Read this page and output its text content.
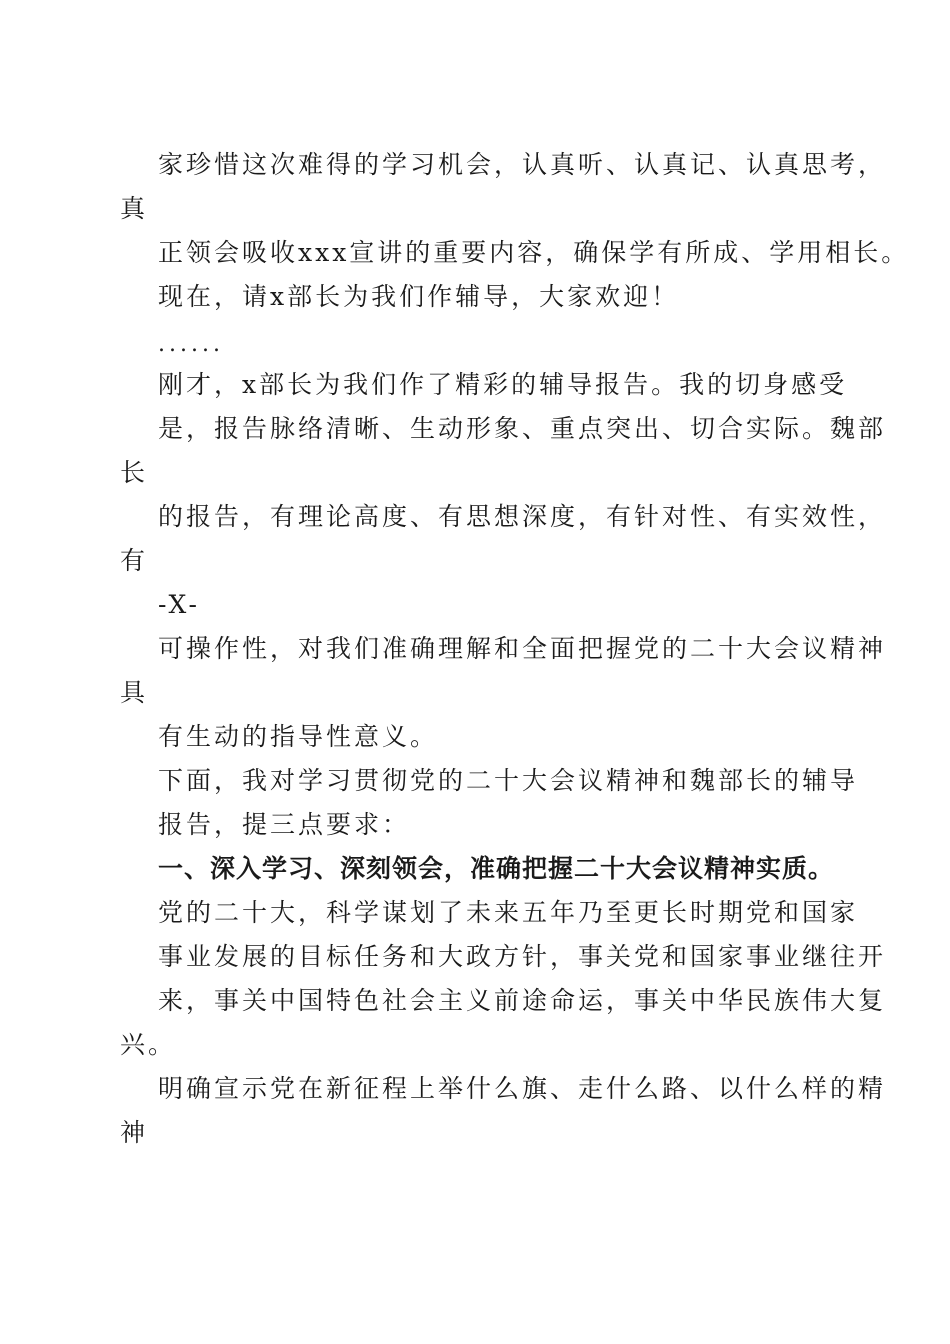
家珍惜这次难得的学习机会，认真听、认真记、认真思考，
真
正领会吸收xxx宣讲的重要内容，确保学有所成、学用相长。
现在，请x部长为我们作辅导，大家欢迎！
......
刚才，x部长为我们作了精彩的辅导报告。我的切身感受
是，报告脉络清晰、生动形象、重点突出、切合实际。魏部
长
的报告，有理论高度、有思想深度，有针对性、有实效性，
有
-X-
可操作性，对我们准确理解和全面把握党的二十大会议精神
具
有生动的指导性意义。
下面，我对学习贯彻党的二十大会议精神和魏部长的辅导
报告，提三点要求：
一、深入学习、深刻领会，准确把握二十大会议精神实质。
党的二十大，科学谋划了未来五年乃至更长时期党和国家
事业发展的目标任务和大政方针，事关党和国家事业继往开
来，事关中国特色社会主义前途命运，事关中华民族伟大复
兴。
明确宣示党在新征程上举什么旗、走什么路、以什么样的精
神
